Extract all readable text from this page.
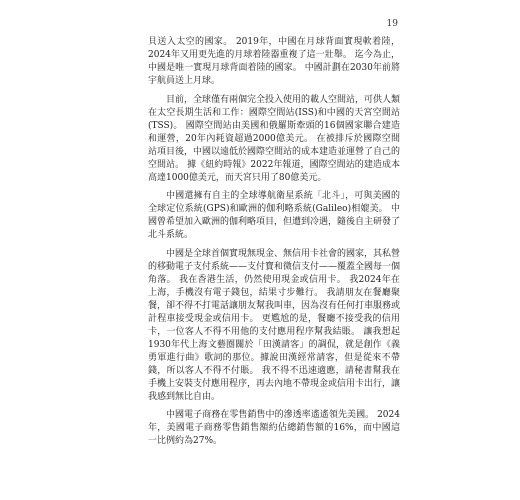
19

貝送入太空的國家。 2019年，中國在月球背面實現軟着陸，2024年又用更先進的月球着陸器重複了這一壯舉。 迄今為止，中國是唯一實現月球背面着陸的國家。 中國計劃在2030年前將宇航員送上月球。

目前，全球僅有兩個完全投入使用的載人空間站，可供人類在太空長期生活和工作：國際空間站(ISS)和中國的天宮空間站(TSS)。 國際空間站由美國和俄羅斯牽頭的16個國家聯合建造和運營，20年內耗資超過2000億美元。 在被排斥於國際空間站項目後，中國以遠低於國際空間站的成本建造並運營了自己的空間站。 據《紐約時報》2022年報道，國際空間站的建造成本高達1000億美元，而天宮只用了80億美元。

中國還擁有自主的全球導航衛星系統「北斗」，可與美國的全球定位系統(GPS)和歐洲的伽利略系統(Galileo)相媲美。 中國曾希望加入歐洲的伽利略項目，但遭到冷遇，隨後自主研發了北斗系統。

中國是全球首個實現無現金、無信用卡社會的國家，其私營的移動電子支付系統——支付寶和微信支付——覆蓋全國每一個角落。 我在香港生活，仍然使用現金或信用卡。 我2024年在上海，手機沒有電子錢包，結果寸步難行。 我請朋友在餐廳聚餐，卻不得不打電話讓朋友幫我叫車，因為沒有任何打車服務或計程車接受現金或信用卡。 更尷尬的是，餐廳不接受我的信用卡，一位客人不得不用他的支付應用程序幫我結賬。 讓我想起1930年代上海文藝圈關於「田漢請客」的調侃，就是創作《義勇軍進行曲》歌詞的那位。據說田漢經常請客，但是從來不帶錢，所以客人不得不付賬。 我不得不迅速適應，請秘書幫我在手機上安裝支付應用程序，再去內地不帶現金或信用卡出行，讓我感到無比自由。

中國電子商務在零售銷售中的滲透率遙遙領先美國。 2024年，美國電子商務零售銷售額約佔總銷售額的16%，而中國這一比例約為27%。
